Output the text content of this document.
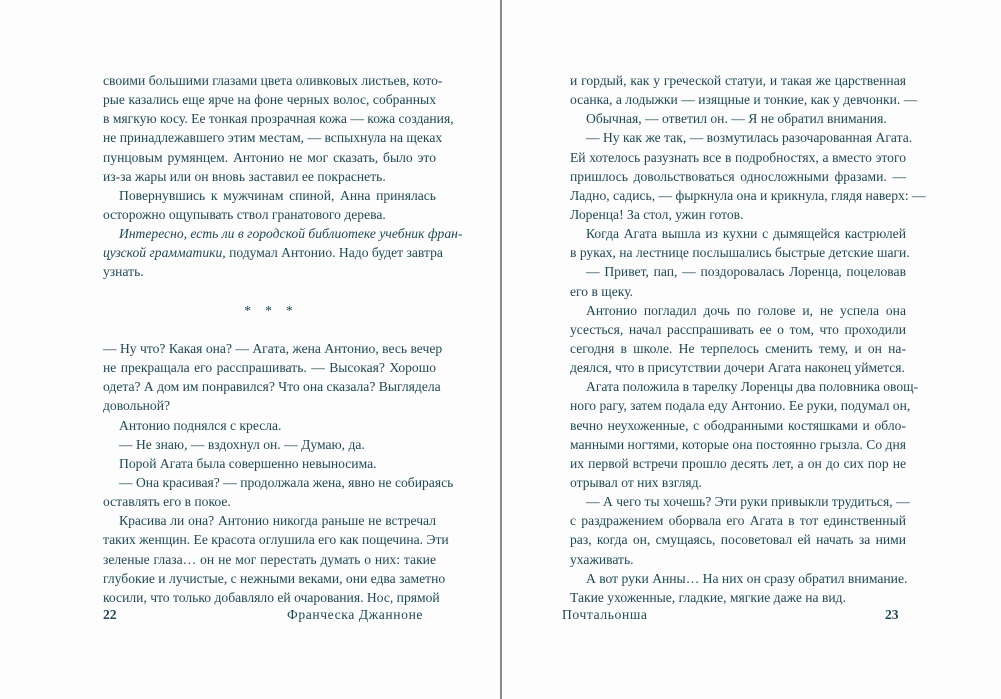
своими большими глазами цвета оливковых листьев, кото-
рые казались еще ярче на фоне черных волос, собранных
в мягкую косу. Ее тонкая прозрачная кожа — кожа создания,
не принадлежавшего этим местам, — вспыхнула на щеках
пунцовым румянцем. Антонио не мог сказать, было это
из-за жары или он вновь заставил ее покраснеть.
Повернувшись к мужчинам спиной, Анна принялась
осторожно ощупывать ствол гранатового дерева.
Интересно, есть ли в городской библиотеке учебник фран-
цузской грамматики, подумал Антонио. Надо будет завтра
узнать.
* * *
— Ну что? Какая она? — Агата, жена Антонио, весь вечер
не прекращала его расспрашивать. — Высокая? Хорошо
одета? А дом им понравился? Что она сказала? Выглядела
довольной?
Антонио поднялся с кресла.
— Не знаю, — вздохнул он. — Думаю, да.
Порой Агата была совершенно невыносима.
— Она красивая? — продолжала жена, явно не собираясь
оставлять его в покое.
Красива ли она? Антонио никогда раньше не встречал
таких женщин. Ее красота оглушила его как пощечина. Эти
зеленые глаза… он не мог перестать думать о них: такие
глубокие и лучистые, с нежными веками, они едва заметно
косили, что только добавляло ей очарования. Нос, прямой
22	Франческа Джанноне
и гордый, как у греческой статуи, и такая же царственная
осанка, а лодыжки — изящные и тонкие, как у девчонки. —
Обычная, — ответил он. — Я не обратил внимания.
— Ну как же так, — возмутилась разочарованная Агата.
Ей хотелось разузнать все в подробностях, а вместо этого
пришлось довольствоваться односложными фразами. —
Ладно, садись, — фыркнула она и крикнула, глядя наверх: —
Лоренца! За стол, ужин готов.
Когда Агата вышла из кухни с дымящейся кастрюлей
в руках, на лестнице послышались быстрые детские шаги.
— Привет, пап, — поздоровалась Лоренца, поцеловав
его в щеку.
Антонио погладил дочь по голове и, не успела она
усесться, начал расспрашивать ее о том, что проходили
сегодня в школе. Не терпелось сменить тему, и он на-
деялся, что в присутствии дочери Агата наконец уймется.
Агата положила в тарелку Лоренцы два половника овощ-
ного рагу, затем подала еду Антонио. Ее руки, подумал он,
вечно неухоженные, с ободранными костяшками и обло-
манными ногтями, которые она постоянно грызла. Со дня
их первой встречи прошло десять лет, а он до сих пор не
отрывал от них взгляд.
— А чего ты хочешь? Эти руки привыкли трудиться, —
с раздражением оборвала его Агата в тот единственный
раз, когда он, смущаясь, посоветовал ей начать за ними
ухаживать.
А вот руки Анны… На них он сразу обратил внимание.
Такие ухоженные, гладкие, мягкие даже на вид.
Почтальонша	23
